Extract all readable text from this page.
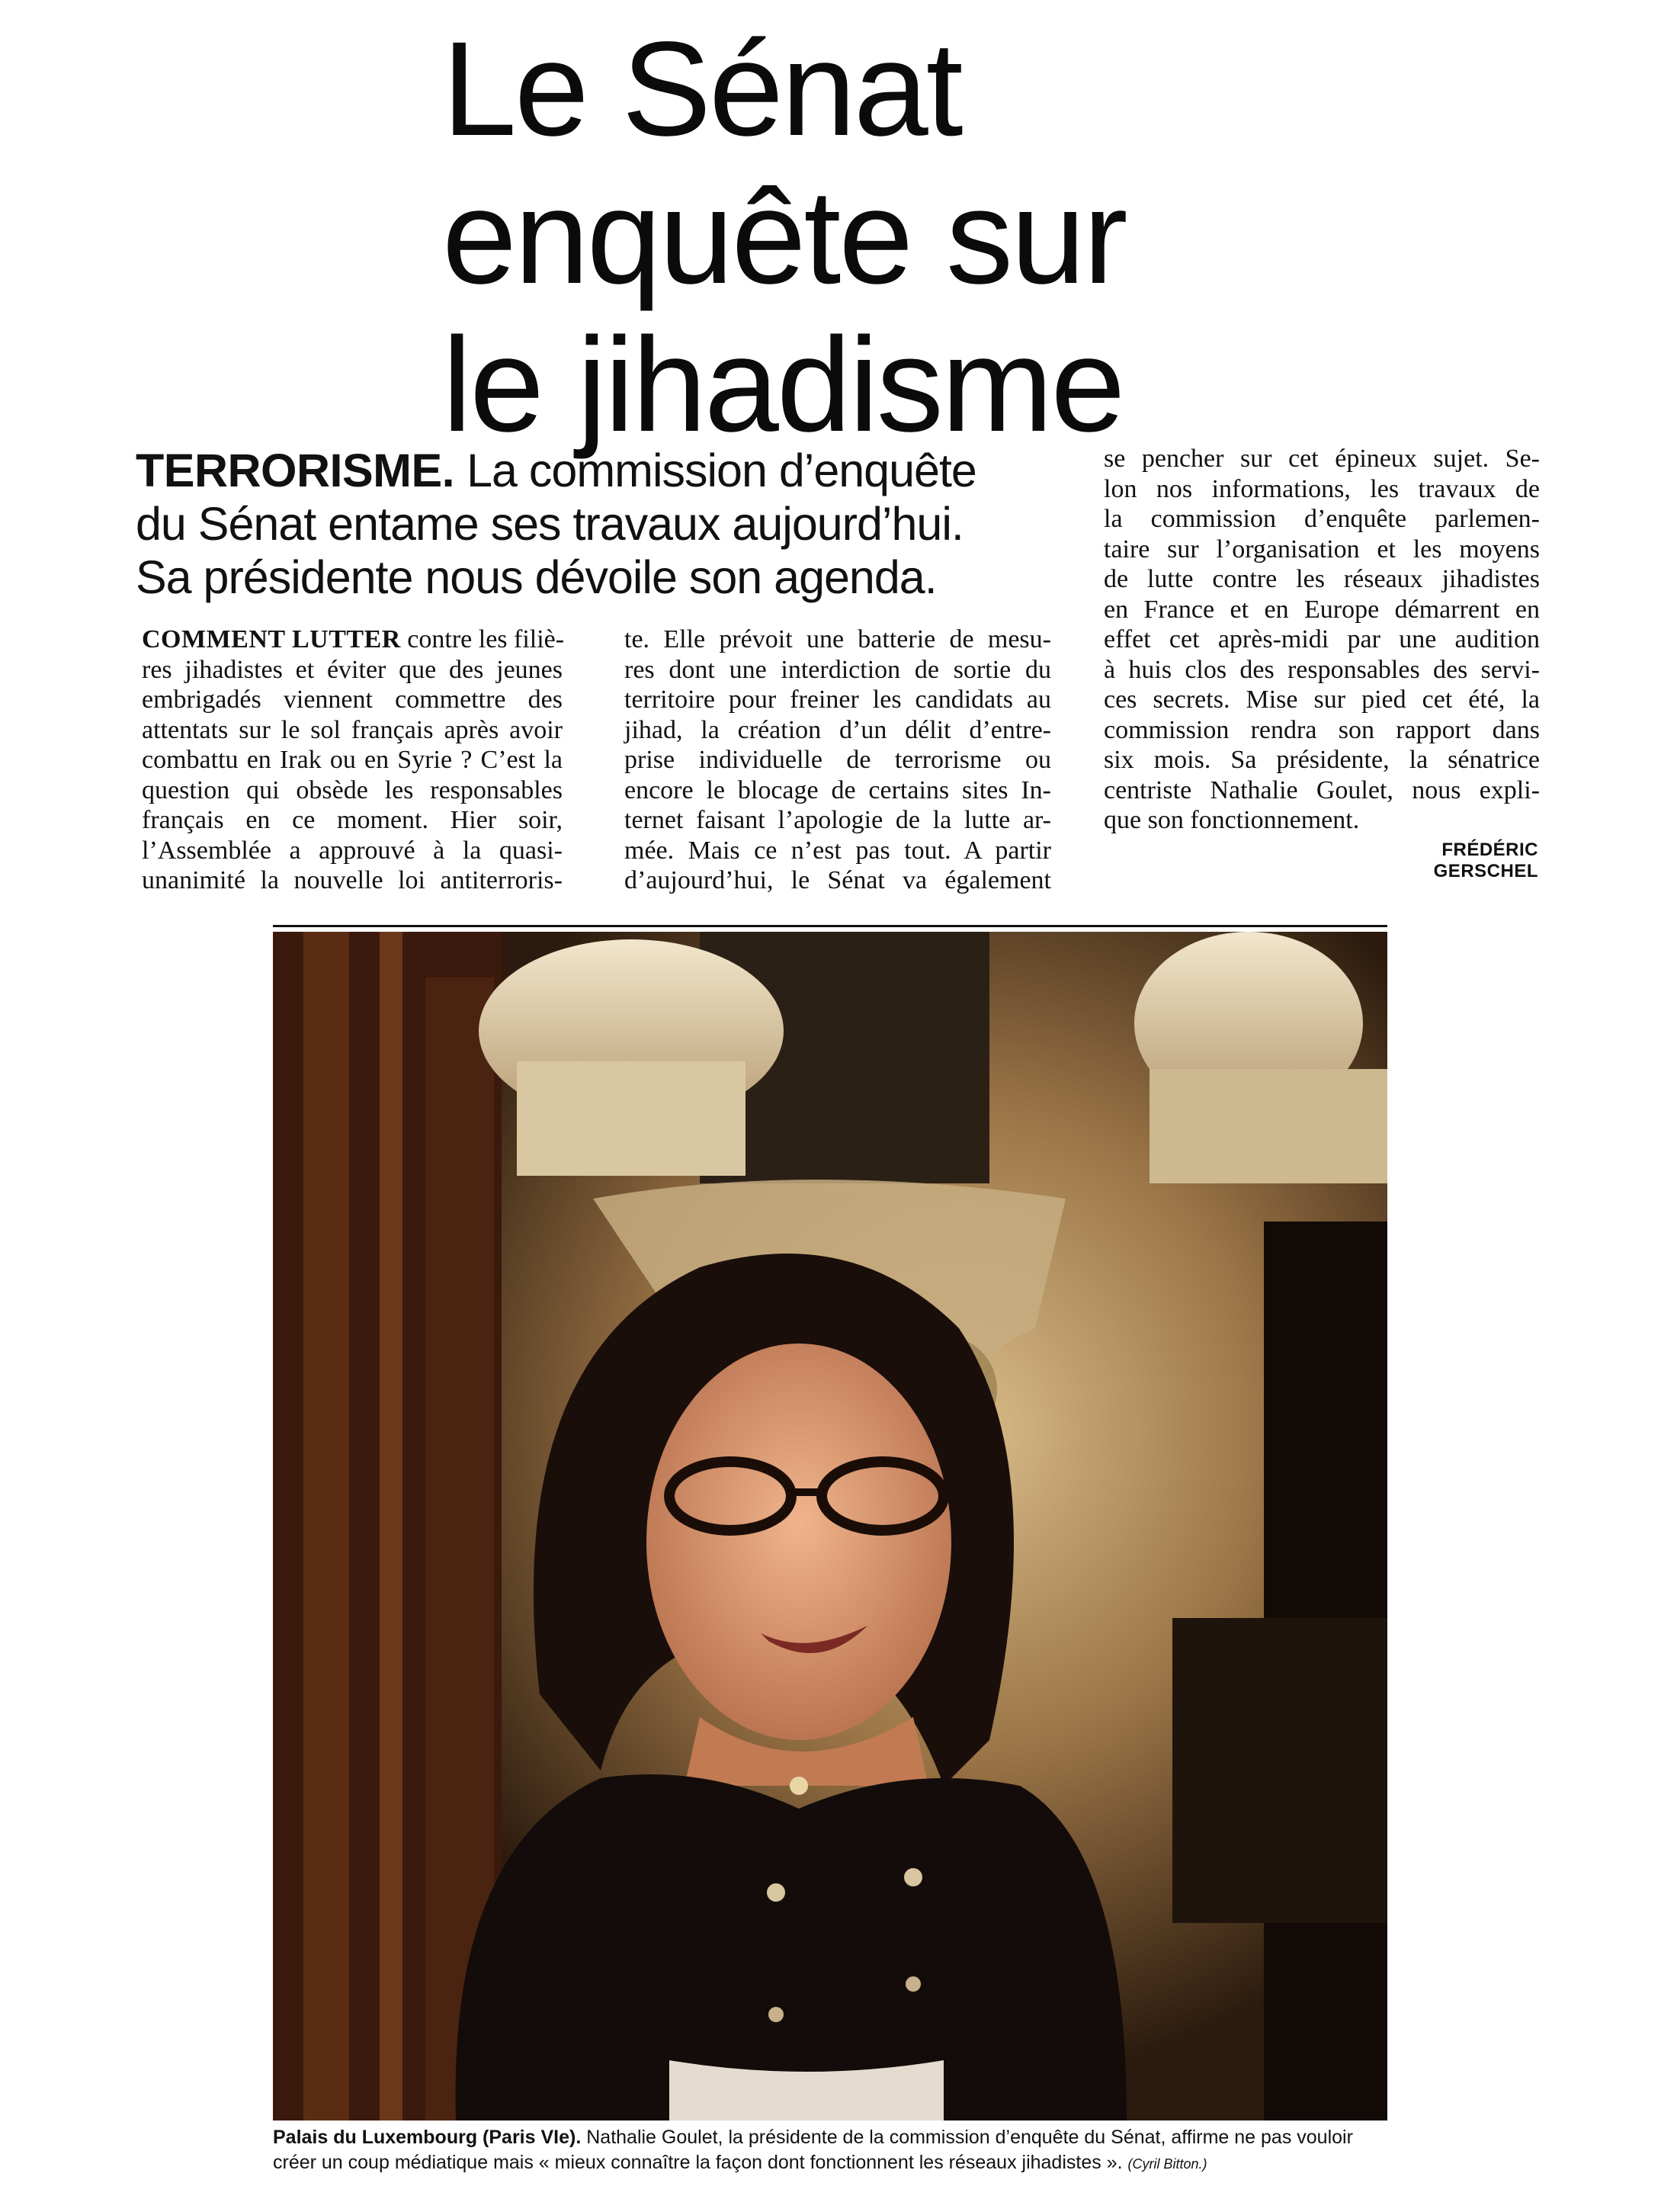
Le Sénat
enquête sur
le jihadisme
TERRORISME. La commission d’enquête
du Sénat entame ses travaux aujourd’hui.
Sa présidente nous dévoile son agenda.
COMMENT LUTTER contre les filiè-
res jihadistes et éviter que des jeunes
embrigadés viennent commettre des
attentats sur le sol français après avoir
combattu en Irak ou en Syrie ? C’est la
question qui obsède les responsables
français en ce moment. Hier soir,
l’Assemblée a approuvé à la quasi-
unanimité la nouvelle loi antiterroris-
te. Elle prévoit une batterie de mesu-
res dont une interdiction de sortie du
territoire pour freiner les candidats au
jihad, la création d’un délit d’entre-
prise individuelle de terrorisme ou
encore le blocage de certains sites In-
ternet faisant l’apologie de la lutte ar-
mée. Mais ce n’est pas tout. A partir
d’aujourd’hui, le Sénat va également
se pencher sur cet épineux sujet. Se-
lon nos informations, les travaux de
la commission d’enquête parlemen-
taire sur l’organisation et les moyens
de lutte contre les réseaux jihadistes
en France et en Europe démarrent en
effet cet après-midi par une audition
à huis clos des responsables des servi-
ces secrets. Mise sur pied cet été, la
commission rendra son rapport dans
six mois. Sa présidente, la sénatrice
centriste Nathalie Goulet, nous expli-
que son fonctionnement.
FRÉDÉRIC GERSCHEL
Palais du Luxembourg (Paris VIe). Nathalie Goulet, la présidente de la commission d’enquête du Sénat, affirme ne pas vouloir créer un coup médiatique mais « mieux connaître la façon dont fonctionnent les réseaux jihadistes ». (Cyril Bitton.)
